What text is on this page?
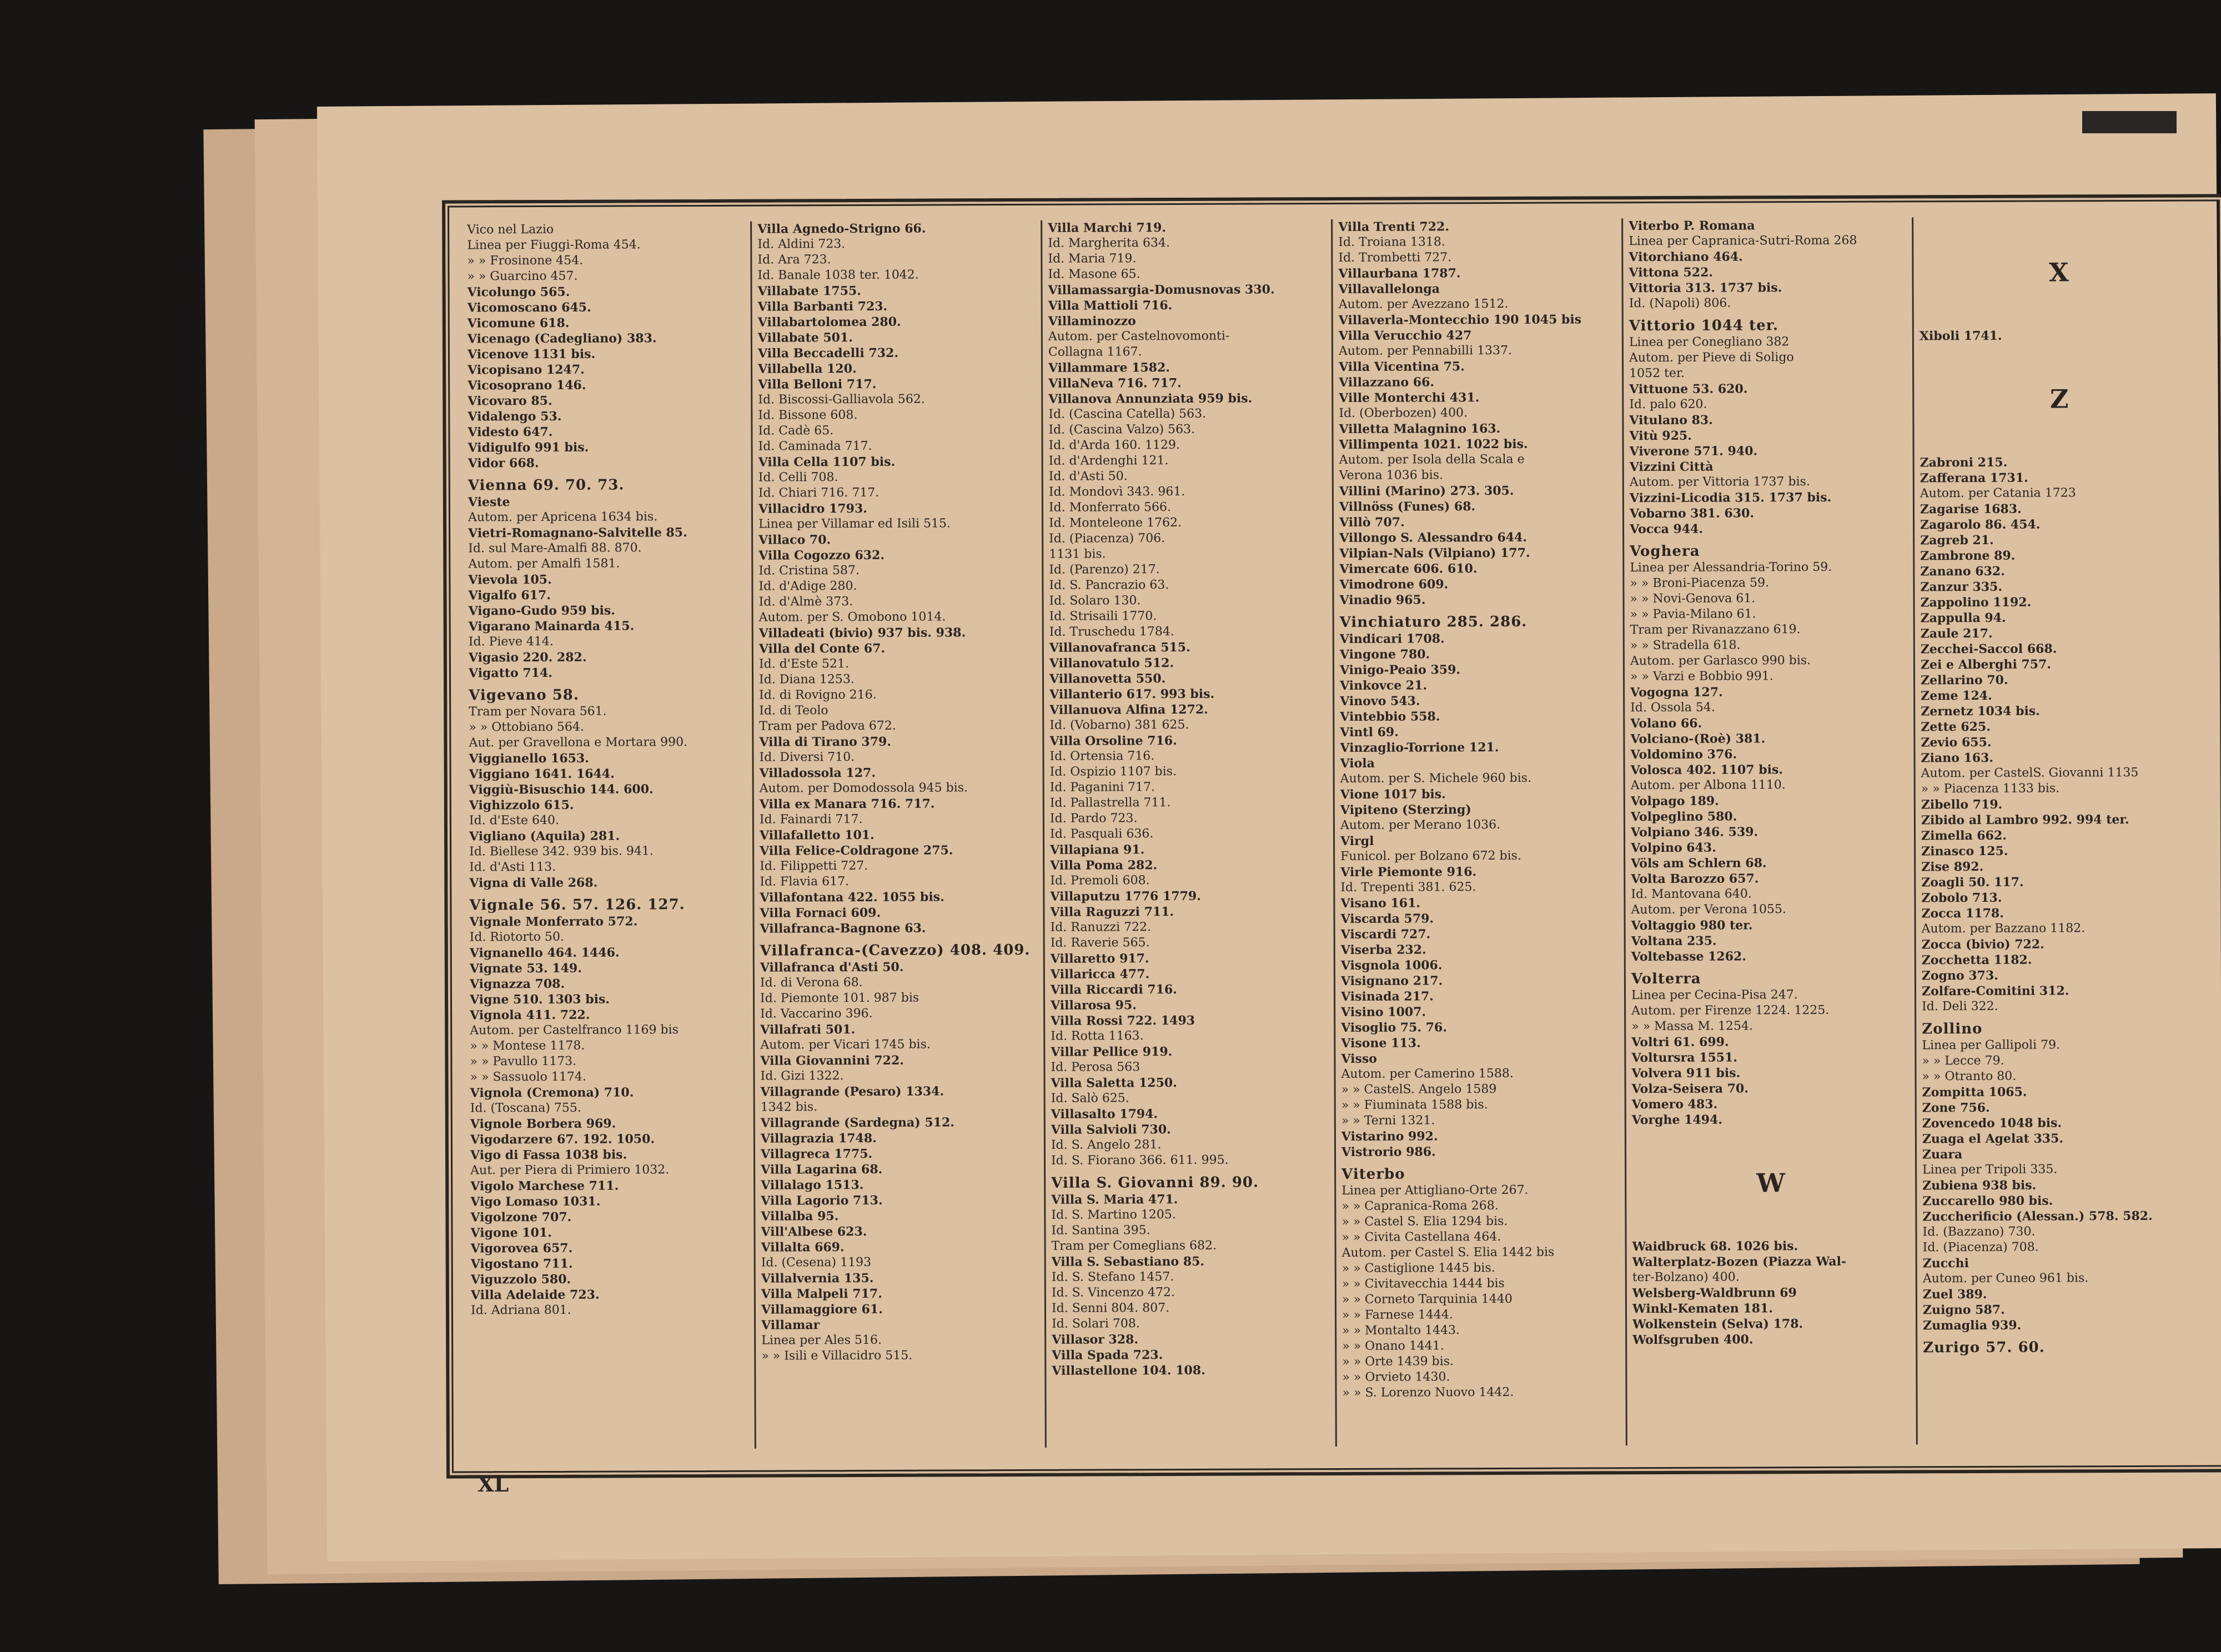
Vico nel Lazio
Linea per Fiuggi-Roma 454.
» » Frosinone 454.
» » Guarcino 457.
Vicolungo 565.
Vicomoscano 645.
Vicomune 618.
Vicenago (Cadegliano) 383.
Vicenove 1131 bis.
Vicopisano 1247.
Vicosoprano 146.
Vicovaro 85.
Vidalengo 53.
Videsto 647.
Vidigulfo 991 bis.
Vidor 668.
Vienna 69. 70. 73.
Vieste
Autom. per Apricena 1634 bis.
Vietri-Romagnano-Salvitelle 85.
Id. sul Mare-Amalfi 88. 870.
Autom. per Amalfi 1581.
Vievola 105.
Vigalfo 617.
Vigano-Gudo 959 bis.
Vigarano Mainarda 415.
Id. Pieve 414.
Vigasio 220. 282.
Vigatto 714.
Vigevano 58.
Tram per Novara 561.
» » Ottobiano 564.
Aut. per Gravellona e Mortara 990.
Viggianello 1653.
Viggiano 1641. 1644.
Viggiù-Bisuschio 144. 600.
Vighizzolo 615.
Id. d'Este 640.
Vigliano (Aquila) 281.
Id. Biellese 342. 939 bis. 941.
Id. d'Asti 113.
Vigna di Valle 268.
Vignale 56. 57. 126. 127.
Vignale Monferrato 572.
Id. Riotorto 50.
Vignanello 464. 1446.
Vignate 53. 149.
Vignazza 708.
Vigne 510. 1303 bis.
Vignola 411. 722.
Autom. per Castelfranco 1169 bis
» » Montese 1178.
» » Pavullo 1173.
» » Sassuolo 1174.
Vignola (Cremona) 710.
Id. (Toscana) 755.
Vignole Borbera 969.
Vigodarzere 67. 192. 1050.
Vigo di Fassa 1038 bis.
Aut. per Piera di Primiero 1032.
Vigolo Marchese 711.
Vigo Lomaso 1031.
Vigolzone 707.
Vigone 101.
Vigorovea 657.
Vigostano 711.
Viguzzolo 580.
Villa Adelaide 723.
Id. Adriana 801.
Villa Agnedo-Strigno 66.
Id. Aldini 723.
Id. Ara 723.
Id. Banale 1038 ter. 1042.
Villabate 1755.
Villa Barbanti 723.
Villabartolomea 280.
Villabate 501.
Villa Beccadelli 732.
Villabella 120.
Villa Belloni 717.
Id. Biscossi-Galliavola 562.
Id. Bissone 608.
Id. Cadè 65.
Id. Caminada 717.
Villa Cella 1107 bis.
Id. Celli 708.
Id. Chiari 716. 717.
Villacidro 1793.
Linea per Villamar ed Isili 515.
Villaco 70.
Villa Cogozzo 632.
Id. Cristina 587.
Id. d'Adige 280.
Id. d'Almè 373.
Autom. per S. Omobono 1014.
Villadeati (bivio) 937 bis. 938.
Villa del Conte 67.
Id. d'Este 521.
Id. Diana 1253.
Id. di Rovigno 216.
Id. di Teolo
Tram per Padova 672.
Villa di Tirano 379.
Id. Diversi 710.
Villadossola 127.
Autom. per Domodossola 945 bis.
Villa ex Manara 716. 717.
Id. Fainardi 717.
Villafalletto 101.
Villa Felice-Coldragone 275.
Id. Filippetti 727.
Id. Flavia 617.
Villafontana 422. 1055 bis.
Villa Fornaci 609.
Villafranca-Bagnone 63.
Villafranca-(Cavezzo) 408. 409.
Villafranca d'Asti 50.
Id. di Verona 68.
Id. Piemonte 101. 987 bis
Id. Vaccarino 396.
Villafrati 501.
Autom. per Vicari 1745 bis.
Villa Giovannini 722.
Id. Gizi 1322.
Villagrande (Pesaro) 1334.
1342 bis.
Villagrande (Sardegna) 512.
Villagrazia 1748.
Villagreca 1775.
Villa Lagarina 68.
Villalago 1513.
Villa Lagorio 713.
Villalba 95.
Vill'Albese 623.
Villalta 669.
Id. (Cesena) 1193
Villalvernia 135.
Villa Malpeli 717.
Villamaggiore 61.
Villamar
Linea per Ales 516.
» » Isili e Villacidro 515.
Villa Marchi 719.
Id. Margherita 634.
Id. Maria 719.
Id. Masone 65.
Villamassargia-Domusnovas 330.
Villa Mattioli 716.
Villaminozzo
Autom. per Castelnovomonti-
Collagna 1167.
Villammare 1582.
VillaNeva 716. 717.
Villanova Annunziata 959 bis.
Id. (Cascina Catella) 563.
Id. (Cascina Valzo) 563.
Id. d'Arda 160. 1129.
Id. d'Ardenghi 121.
Id. d'Asti 50.
Id. Mondovì 343. 961.
Id. Monferrato 566.
Id. Monteleone 1762.
Id. (Piacenza) 706.
1131 bis.
Id. (Parenzo) 217.
Id. S. Pancrazio 63.
Id. Solaro 130.
Id. Strisaili 1770.
Id. Truschedu 1784.
Villanovafranca 515.
Villanovatulo 512.
Villanovetta 550.
Villanterio 617. 993 bis.
Villanuova Alfina 1272.
Id. (Vobarno) 381 625.
Villa Orsoline 716.
Id. Ortensia 716.
Id. Ospizio 1107 bis.
Id. Paganini 717.
Id. Pallastrella 711.
Id. Pardo 723.
Id. Pasquali 636.
Villapiana 91.
Villa Poma 282.
Id. Premoli 608.
Villaputzu 1776 1779.
Villa Raguzzi 711.
Id. Ranuzzi 722.
Id. Raverie 565.
Villaretto 917.
Villaricca 477.
Villa Riccardi 716.
Villarosa 95.
Villa Rossi 722. 1493
Id. Rotta 1163.
Villar Pellice 919.
Id. Perosa 563
Villa Saletta 1250.
Id. Salò 625.
Villasalto 1794.
Villa Salvioli 730.
Id. S. Angelo 281.
Id. S. Fiorano 366. 611. 995.
Villa S. Giovanni 89. 90.
Villa S. Maria 471.
Id. S. Martino 1205.
Id. Santina 395.
Tram per Comeglians 682.
Villa S. Sebastiano 85.
Id. S. Stefano 1457.
Id. S. Vincenzo 472.
Id. Senni 804. 807.
Id. Solari 708.
Villasor 328.
Villa Spada 723.
Villastellone 104. 108.
Villa Trenti 722.
Id. Troiana 1318.
Id. Trombetti 727.
Villaurbana 1787.
Villavallelonga
Autom. per Avezzano 1512.
Villaverla-Montecchio 190 1045 bis
Villa Verucchio 427
Autom. per Pennabilli 1337.
Villa Vicentina 75.
Villazzano 66.
Ville Monterchi 431.
Id. (Oberbozen) 400.
Villetta Malagnino 163.
Villimpenta 1021. 1022 bis.
Autom. per Isola della Scala e
Verona 1036 bis.
Villini (Marino) 273. 305.
Villnöss (Funes) 68.
Villò 707.
Villongo S. Alessandro 644.
Vilpian-Nals (Vilpiano) 177.
Vimercate 606. 610.
Vimodrone 609.
Vinadio 965.
Vinchiaturo 285. 286.
Vindicari 1708.
Vingone 780.
Vinigo-Peaio 359.
Vinkovce 21.
Vinovo 543.
Vintebbio 558.
Vintl 69.
Vinzaglio-Torrione 121.
Viola
Autom. per S. Michele 960 bis.
Vione 1017 bis.
Vipiteno (Sterzing)
Autom. per Merano 1036.
Virgl
Funicol. per Bolzano 672 bis.
Virle Piemonte 916.
Id. Trepenti 381. 625.
Visano 161.
Viscarda 579.
Viscardi 727.
Viserba 232.
Visgnola 1006.
Visignano 217.
Visinada 217.
Visino 1007.
Visoglio 75. 76.
Visone 113.
Visso
Autom. per Camerino 1588.
» » CastelS. Angelo 1589
» » Fiuminata 1588 bis.
» » Terni 1321.
Vistarino 992.
Vistrorio 986.
Viterbo
Linea per Attigliano-Orte 267.
» » Capranica-Roma 268.
» » Castel S. Elia 1294 bis.
» » Civita Castellana 464.
Autom. per Castel S. Elia 1442 bis
» » Castiglione 1445 bis.
» » Civitavecchia 1444 bis
» » Corneto Tarquinia 1440
» » Farnese 1444.
» » Montalto 1443.
» » Onano 1441.
» » Orte 1439 bis.
» » Orvieto 1430.
» » S. Lorenzo Nuovo 1442.
Viterbo P. Romana
Linea per Capranica-Sutri-Roma 268
Vitorchiano 464.
Vittona 522.
Vittoria 313. 1737 bis.
Id. (Napoli) 806.
Vittorio 1044 ter.
Linea per Conegliano 382
Autom. per Pieve di Soligo
1052 ter.
Vittuone 53. 620.
Id. palo 620.
Vitulano 83.
Vitù 925.
Viverone 571. 940.
Vizzini Città
Autom. per Vittoria 1737 bis.
Vizzini-Licodia 315. 1737 bis.
Vobarno 381. 630.
Vocca 944.
Voghera
Linea per Alessandria-Torino 59.
» » Broni-Piacenza 59.
» » Novi-Genova 61.
» » Pavia-Milano 61.
Tram per Rivanazzano 619.
» » Stradella 618.
Autom. per Garlasco 990 bis.
» » Varzi e Bobbio 991.
Vogogna 127.
Id. Ossola 54.
Volano 66.
Volciano-(Roè) 381.
Voldomino 376.
Volosca 402. 1107 bis.
Autom. per Albona 1110.
Volpago 189.
Volpeglino 580.
Volpiano 346. 539.
Volpino 643.
Völs am Schlern 68.
Volta Barozzo 657.
Id. Mantovana 640.
Autom. per Verona 1055.
Voltaggio 980 ter.
Voltana 235.
Voltebasse 1262.
Volterra
Linea per Cecina-Pisa 247.
Autom. per Firenze 1224. 1225.
» » Massa M. 1254.
Voltri 61. 699.
Voltursra 1551.
Volvera 911 bis.
Volza-Seisera 70.
Vomero 483.
Vorghe 1494.
W
Waidbruck 68. 1026 bis.
Walterplatz-Bozen (Piazza Wal-
ter-Bolzano) 400.
Welsberg-Waldbrunn 69
Winkl-Kematen 181.
Wolkenstein (Selva) 178.
Wolfsgruben 400.
X
Xiboli 1741.
Z
Zabroni 215.
Zafferana 1731.
Autom. per Catania 1723
Zagarise 1683.
Zagarolo 86. 454.
Zagreb 21.
Zambrone 89.
Zanano 632.
Zanzur 335.
Zappolino 1192.
Zappulla 94.
Zaule 217.
Zecchei-Saccol 668.
Zei e Alberghi 757.
Zellarino 70.
Zeme 124.
Zernetz 1034 bis.
Zette 625.
Zevio 655.
Ziano 163.
Autom. per CastelS. Giovanni 1135
» » Piacenza 1133 bis.
Zibello 719.
Zibido al Lambro 992. 994 ter.
Zimella 662.
Zinasco 125.
Zise 892.
Zoagli 50. 117.
Zobolo 713.
Zocca 1178.
Autom. per Bazzano 1182.
Zocca (bivio) 722.
Zocchetta 1182.
Zogno 373.
Zolfare-Comitini 312.
Id. Deli 322.
Zollino
Linea per Gallipoli 79.
» » Lecce 79.
» » Otranto 80.
Zompitta 1065.
Zone 756.
Zovencedo 1048 bis.
Zuaga el Agelat 335.
Zuara
Linea per Tripoli 335.
Zubiena 938 bis.
Zuccarello 980 bis.
Zuccherificio (Alessan.) 578. 582.
Id. (Bazzano) 730.
Id. (Piacenza) 708.
Zucchi
Autom. per Cuneo 961 bis.
Zuel 389.
Zuigno 587.
Zumaglia 939.
Zurigo 57. 60.
XL
